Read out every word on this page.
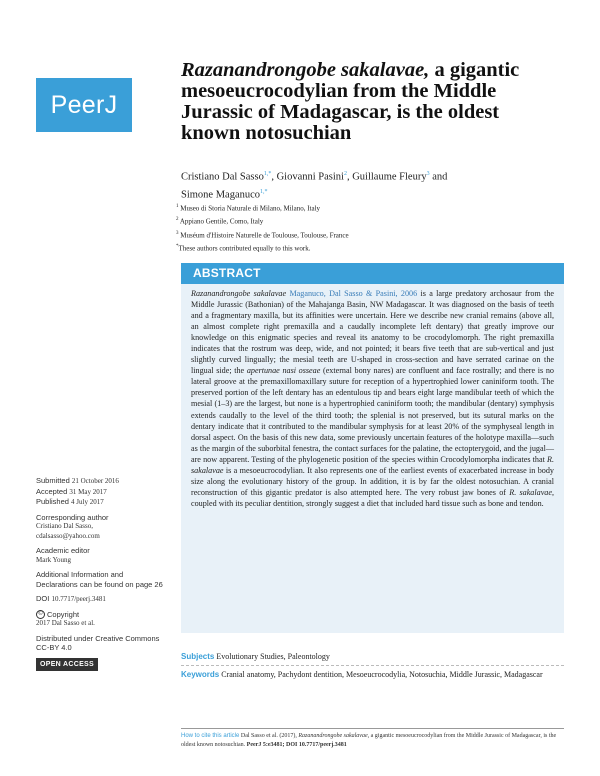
PeerJ
Razanandrongobe sakalavae, a gigantic mesoeucrocodylian from the Middle Jurassic of Madagascar, is the oldest known notosuchian
Cristiano Dal Sasso$^{1,*}$, Giovanni Pasini$^2$, Guillaume Fleury$^3$ and
Simone Maganuco$^{1,*}$
$^1$ Museo di Storia Naturale di Milano, Milano, Italy
$^2$ Appiano Gentile, Como, Italy
$^3$ Muséum d'Histoire Naturelle de Toulouse, Toulouse, France
*These authors contributed equally to this work.
ABSTRACT

Razanandrongobe sakalavae Maganuco, Dal Sasso & Pasini, 2006 is a large predatory archosaur from the Middle Jurassic (Bathonian) of the Mahajanga Basin, NW Madagascar. It was diagnosed on the basis of teeth and a fragmentary maxilla, but its affinities were uncertain. Here we describe new cranial remains (above all, an almost complete right premaxilla and a caudally incomplete left dentary) that greatly improve our knowledge on this enigmatic species and reveal its anatomy to be crocodylomorph. The right premaxilla indicates that the rostrum was deep, wide, and not pointed; it bears five teeth that are sub-vertical and just slightly curved lingually; the mesial teeth are U-shaped in cross-section and have serrated carinae on the lingual side; the apertunae nasi osseae (external bony nares) are confluent and face rostrally; and there is no lateral groove at the premaxillomaxillary suture for reception of a hypertrophied lower caniniform tooth. The preserved portion of the left dentary has an edentulous tip and bears eight large mandibular teeth of which the mesial (1–3) are the largest, but none is a hypertrophied caniniform tooth; the mandibular (dentary) symphysis extends caudally to the level of the third tooth; the splenial is not preserved, but its sutural marks on the dentary indicate that it contributed to the mandibular symphysis for at least 20% of the symphyseal length in dorsal aspect. On the basis of this new data, some previously uncertain features of the holotype maxilla—such as the margin of the suborbital fenestra, the contact surfaces for the palatine, the ectopterygoid, and the jugal—are now apparent. Testing of the phylogenetic position of the species within Crocodylomorpha indicates that R. sakalavae is a mesoeucrocodylian. It also represents one of the earliest events of exacerbated increase in body size along the evolutionary history of the group. In addition, it is by far the oldest notosuchian. A cranial reconstruction of this gigantic predator is also attempted here. The very robust jaw bones of R. sakalavae, coupled with its peculiar dentition, strongly suggest a diet that included hard tissue such as bone and tendon.

Subjects Evolutionary Studies, Paleontology
Keywords Cranial anatomy, Pachydont dentition, Mesoeucrocodylia, Notosuchia, Middle Jurassic, Madagascar
Submitted 21 October 2016
Accepted 31 May 2017
Published 4 July 2017
Corresponding author
Cristiano Dal Sasso,
cdalsasso@yahoo.com
Academic editor
Mark Young
Additional Information and Declarations can be found on page 26
DOI 10.7717/peerj.3481
© Copyright
2017 Dal Sasso et al.
Distributed under Creative Commons CC-BY 4.0
OPEN ACCESS
How to cite this article Dal Sasso et al. (2017), Razanandrongobe sakalavae, a gigantic mesoeucrocodylian from the Middle Jurassic of Madagascar, is the oldest known notosuchian. PeerJ 5:e3481; DOI 10.7717/peerj.3481
